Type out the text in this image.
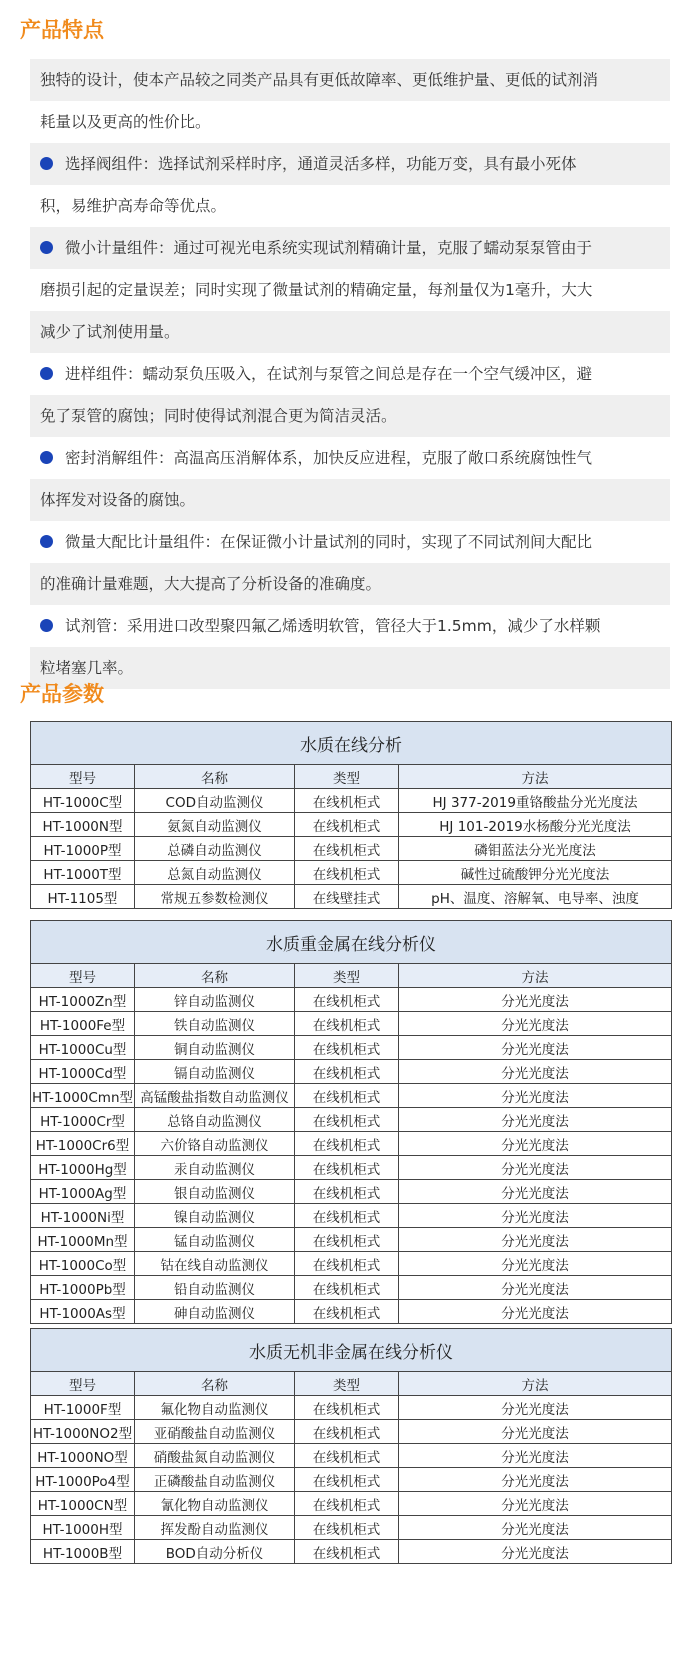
产品特点
独特的设计，使本产品较之同类产品具有更低故障率、更低维护量、更低的试剂消
耗量以及更高的性价比。
选择阀组件：选择试剂采样时序，通道灵活多样，功能万变，具有最小死体
积，易维护高寿命等优点。
微小计量组件：通过可视光电系统实现试剂精确计量，克服了蠕动泵泵管由于
磨损引起的定量误差；同时实现了微量试剂的精确定量，每剂量仅为1毫升，大大
减少了试剂使用量。
进样组件：蠕动泵负压吸入，在试剂与泵管之间总是存在一个空气缓冲区，避
免了泵管的腐蚀；同时使得试剂混合更为简洁灵活。
密封消解组件：高温高压消解体系，加快反应进程，克服了敞口系统腐蚀性气
体挥发对设备的腐蚀。
微量大配比计量组件：在保证微小计量试剂的同时，实现了不同试剂间大配比
的准确计量难题，大大提高了分析设备的准确度。
试剂管：采用进口改型聚四氟乙烯透明软管，管径大于1.5mm，减少了水样颗
粒堵塞几率。
产品参数
水质在线分析			
型号	名称	类型	方法
HT-1000C型	COD自动监测仪	在线机柜式	HJ 377-2019重铬酸盐分光光度法
HT-1000N型	氨氮自动监测仪	在线机柜式	HJ 101-2019水杨酸分光光度法
HT-1000P型	总磷自动监测仪	在线机柜式	磷钼蓝法分光光度法
HT-1000T型	总氮自动监测仪	在线机柜式	碱性过硫酸钾分光光度法
HT-1105型	常规五参数检测仪	在线壁挂式	pH、温度、溶解氧、电导率、浊度
水质重金属在线分析仪			
型号	名称	类型	方法
HT-1000Zn型	锌自动监测仪	在线机柜式	分光光度法
HT-1000Fe型	铁自动监测仪	在线机柜式	分光光度法
HT-1000Cu型	铜自动监测仪	在线机柜式	分光光度法
HT-1000Cd型	镉自动监测仪	在线机柜式	分光光度法
HT-1000Cmn型	高锰酸盐指数自动监测仪	在线机柜式	分光光度法
HT-1000Cr型	总铬自动监测仪	在线机柜式	分光光度法
HT-1000Cr6型	六价铬自动监测仪	在线机柜式	分光光度法
HT-1000Hg型	汞自动监测仪	在线机柜式	分光光度法
HT-1000Ag型	银自动监测仪	在线机柜式	分光光度法
HT-1000Ni型	镍自动监测仪	在线机柜式	分光光度法
HT-1000Mn型	锰自动监测仪	在线机柜式	分光光度法
HT-1000Co型	钴在线自动监测仪	在线机柜式	分光光度法
HT-1000Pb型	铅自动监测仪	在线机柜式	分光光度法
HT-1000As型	砷自动监测仪	在线机柜式	分光光度法
水质无机非金属在线分析仪			
型号	名称	类型	方法
HT-1000F型	氟化物自动监测仪	在线机柜式	分光光度法
HT-1000NO2型	亚硝酸盐自动监测仪	在线机柜式	分光光度法
HT-1000NO型	硝酸盐氮自动监测仪	在线机柜式	分光光度法
HT-1000Po4型	正磷酸盐自动监测仪	在线机柜式	分光光度法
HT-1000CN型	氰化物自动监测仪	在线机柜式	分光光度法
HT-1000H型	挥发酚自动监测仪	在线机柜式	分光光度法
HT-1000B型	BOD自动分析仪	在线机柜式	分光光度法
